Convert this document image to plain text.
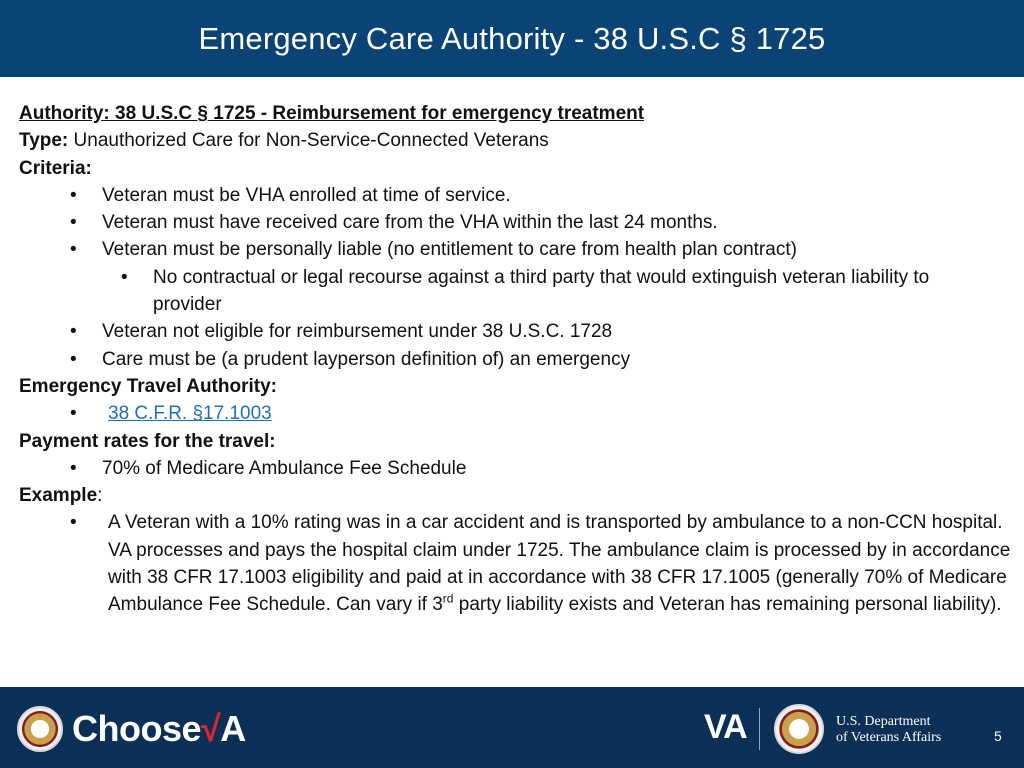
Emergency Care Authority - 38 U.S.C § 1725
Authority: 38 U.S.C § 1725 - Reimbursement for emergency treatment
Type: Unauthorized Care for Non-Service-Connected Veterans
Criteria:
• Veteran must be VHA enrolled at time of service.
• Veteran must have received care from the VHA within the last 24 months.
• Veteran must be personally liable (no entitlement to care from health plan contract)
• No contractual or legal recourse against a third party that would extinguish veteran liability to provider
• Veteran not eligible for reimbursement under 38 U.S.C. 1728
• Care must be (a prudent layperson definition of) an emergency
Emergency Travel Authority:
• 38 C.F.R. §17.1003
Payment rates for the travel:
• 70% of Medicare Ambulance Fee Schedule
Example:
• A Veteran with a 10% rating was in a car accident and is transported by ambulance to a non-CCN hospital. VA processes and pays the hospital claim under 1725. The ambulance claim is processed by in accordance with 38 CFR 17.1003 eligibility and paid at in accordance with 38 CFR 17.1005 (generally 70% of Medicare Ambulance Fee Schedule. Can vary if 3rd party liability exists and Veteran has remaining personal liability).
Choose√A	VA	U.S. Department
of Veterans Affairs	5
